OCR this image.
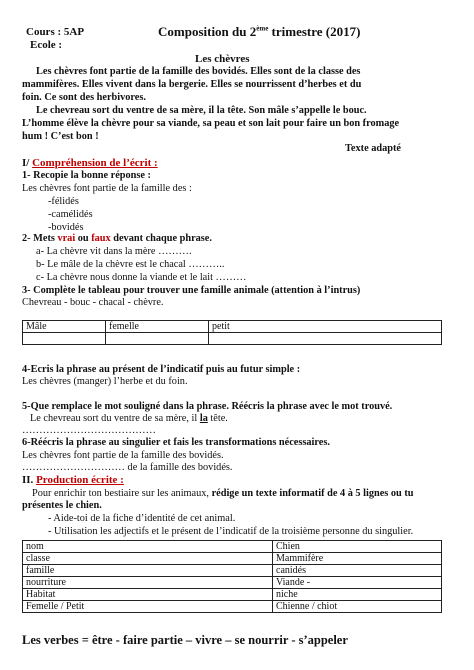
Cours : 5AP
Ecole :
Composition du 2ème trimestre (2017)
Les chèvres
Les chèvres font partie de la famille des bovidés. Elles sont de la classe des
mammifères. Elles vivent dans la bergerie. Elles se nourrissent d’herbes et du
foin. Ce sont des herbivores.
Le chevreau sort du ventre de sa mère, il la tête. Son mâle s’appelle le bouc.
L’homme élève la chèvre pour sa viande, sa peau et son lait pour faire un bon fromage
hum ! C’est bon !
Texte adapté
I/ Compréhension de l’écrit :
1- Recopie la bonne réponse :
Les chèvres font partie de la famille des :
-félidés
-camélidés
-bovidés
2- Mets vrai ou faux devant chaque phrase.
a- La chèvre vit dans la mère ……….
b- Le mâle de la chèvre est le chacal ………..
c- La chèvre nous donne la viande et le lait ………
3- Complète le tableau pour trouver une famille animale (attention à l’intrus)
Chevreau - bouc - chacal - chèvre.
Mâle	femelle	petit

4-Ecris la phrase au présent de l’indicatif puis au futur simple :
Les chèvres (manger) l’herbe et du foin.
5-Que remplace le mot souligné dans la phrase. Réécris la phrase avec le mot trouvé.
Le chevreau sort du ventre de sa mère, il la tête.
…………………………………
6-Réécris la phrase au singulier et fais les transformations nécessaires.
Les chèvres font partie de la famille des bovidés.
………………………… de la famille des bovidés.
II. Production écrite :
Pour enrichir ton bestiaire sur les animaux, rédige un texte informatif de 4 à 5 lignes ou tu
présentes le chien.
- Aide-toi de la fiche d’identité de cet animal.
- Utilisation les adjectifs et le présent de l’indicatif de la troisième personne du singulier.
nom	Chien
classe	Mammifère
famille	canidés
nourriture	Viande -
Habitat	niche
Femelle / Petit	Chienne / chiot
Les verbes = être - faire partie – vivre – se nourrir - s’appeler
